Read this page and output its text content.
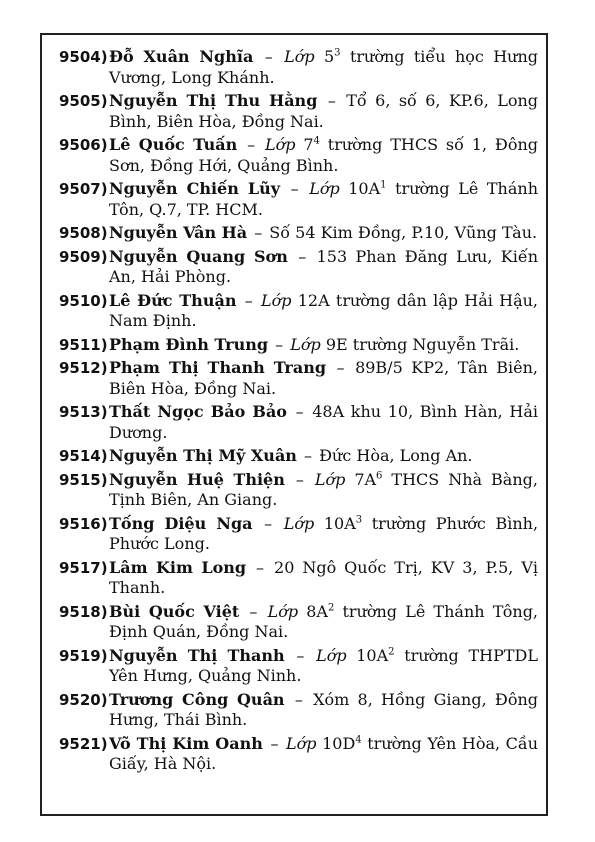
9504) Đỗ Xuân Nghĩa – Lớp $5^3$ trường tiểu học Hưng Vương, Long Khánh.
9505) Nguyễn Thị Thu Hằng – Tổ 6, số 6, KP.6, Long Bình, Biên Hòa, Đồng Nai.
9506) Lê Quốc Tuấn – Lớp $7^4$ trường THCS số 1, Đông Sơn, Đồng Hới, Quảng Bình.
9507) Nguyễn Chiến Lũy – Lớp $10A^1$ trường Lê Thánh Tôn, Q.7, TP. HCM.
9508) Nguyễn Vân Hà – Số 54 Kim Đồng, P.10, Vũng Tàu.
9509) Nguyễn Quang Sơn – 153 Phan Đăng Lưu, Kiến An, Hải Phòng.
9510) Lê Đức Thuận – Lớp 12A trường dân lập Hải Hậu, Nam Định.
9511) Phạm Đình Trung – Lớp 9E trường Nguyễn Trãi.
9512) Phạm Thị Thanh Trang – 89B/5 KP2, Tân Biên, Biên Hòa, Đồng Nai.
9513) Thất Ngọc Bảo Bảo – 48A khu 10, Bình Hàn, Hải Dương.
9514) Nguyễn Thị Mỹ Xuân – Đức Hòa, Long An.
9515) Nguyễn Huệ Thiện – Lớp $7A^6$ THCS Nhà Bàng, Tịnh Biên, An Giang.
9516) Tống Diệu Nga – Lớp $10A^3$ trường Phước Bình, Phước Long.
9517) Lâm Kim Long – 20 Ngô Quốc Trị, KV 3, P.5, Vị Thanh.
9518) Bùi Quốc Việt – Lớp $8A^2$ trường Lê Thánh Tông, Định Quán, Đồng Nai.
9519) Nguyễn Thị Thanh – Lớp $10A^2$ trường THPTDL Yên Hưng, Quảng Ninh.
9520) Trương Công Quân – Xóm 8, Hồng Giang, Đông Hưng, Thái Bình.
9521) Võ Thị Kim Oanh – Lớp $10D^4$ trường Yên Hòa, Cầu Giấy, Hà Nội.
